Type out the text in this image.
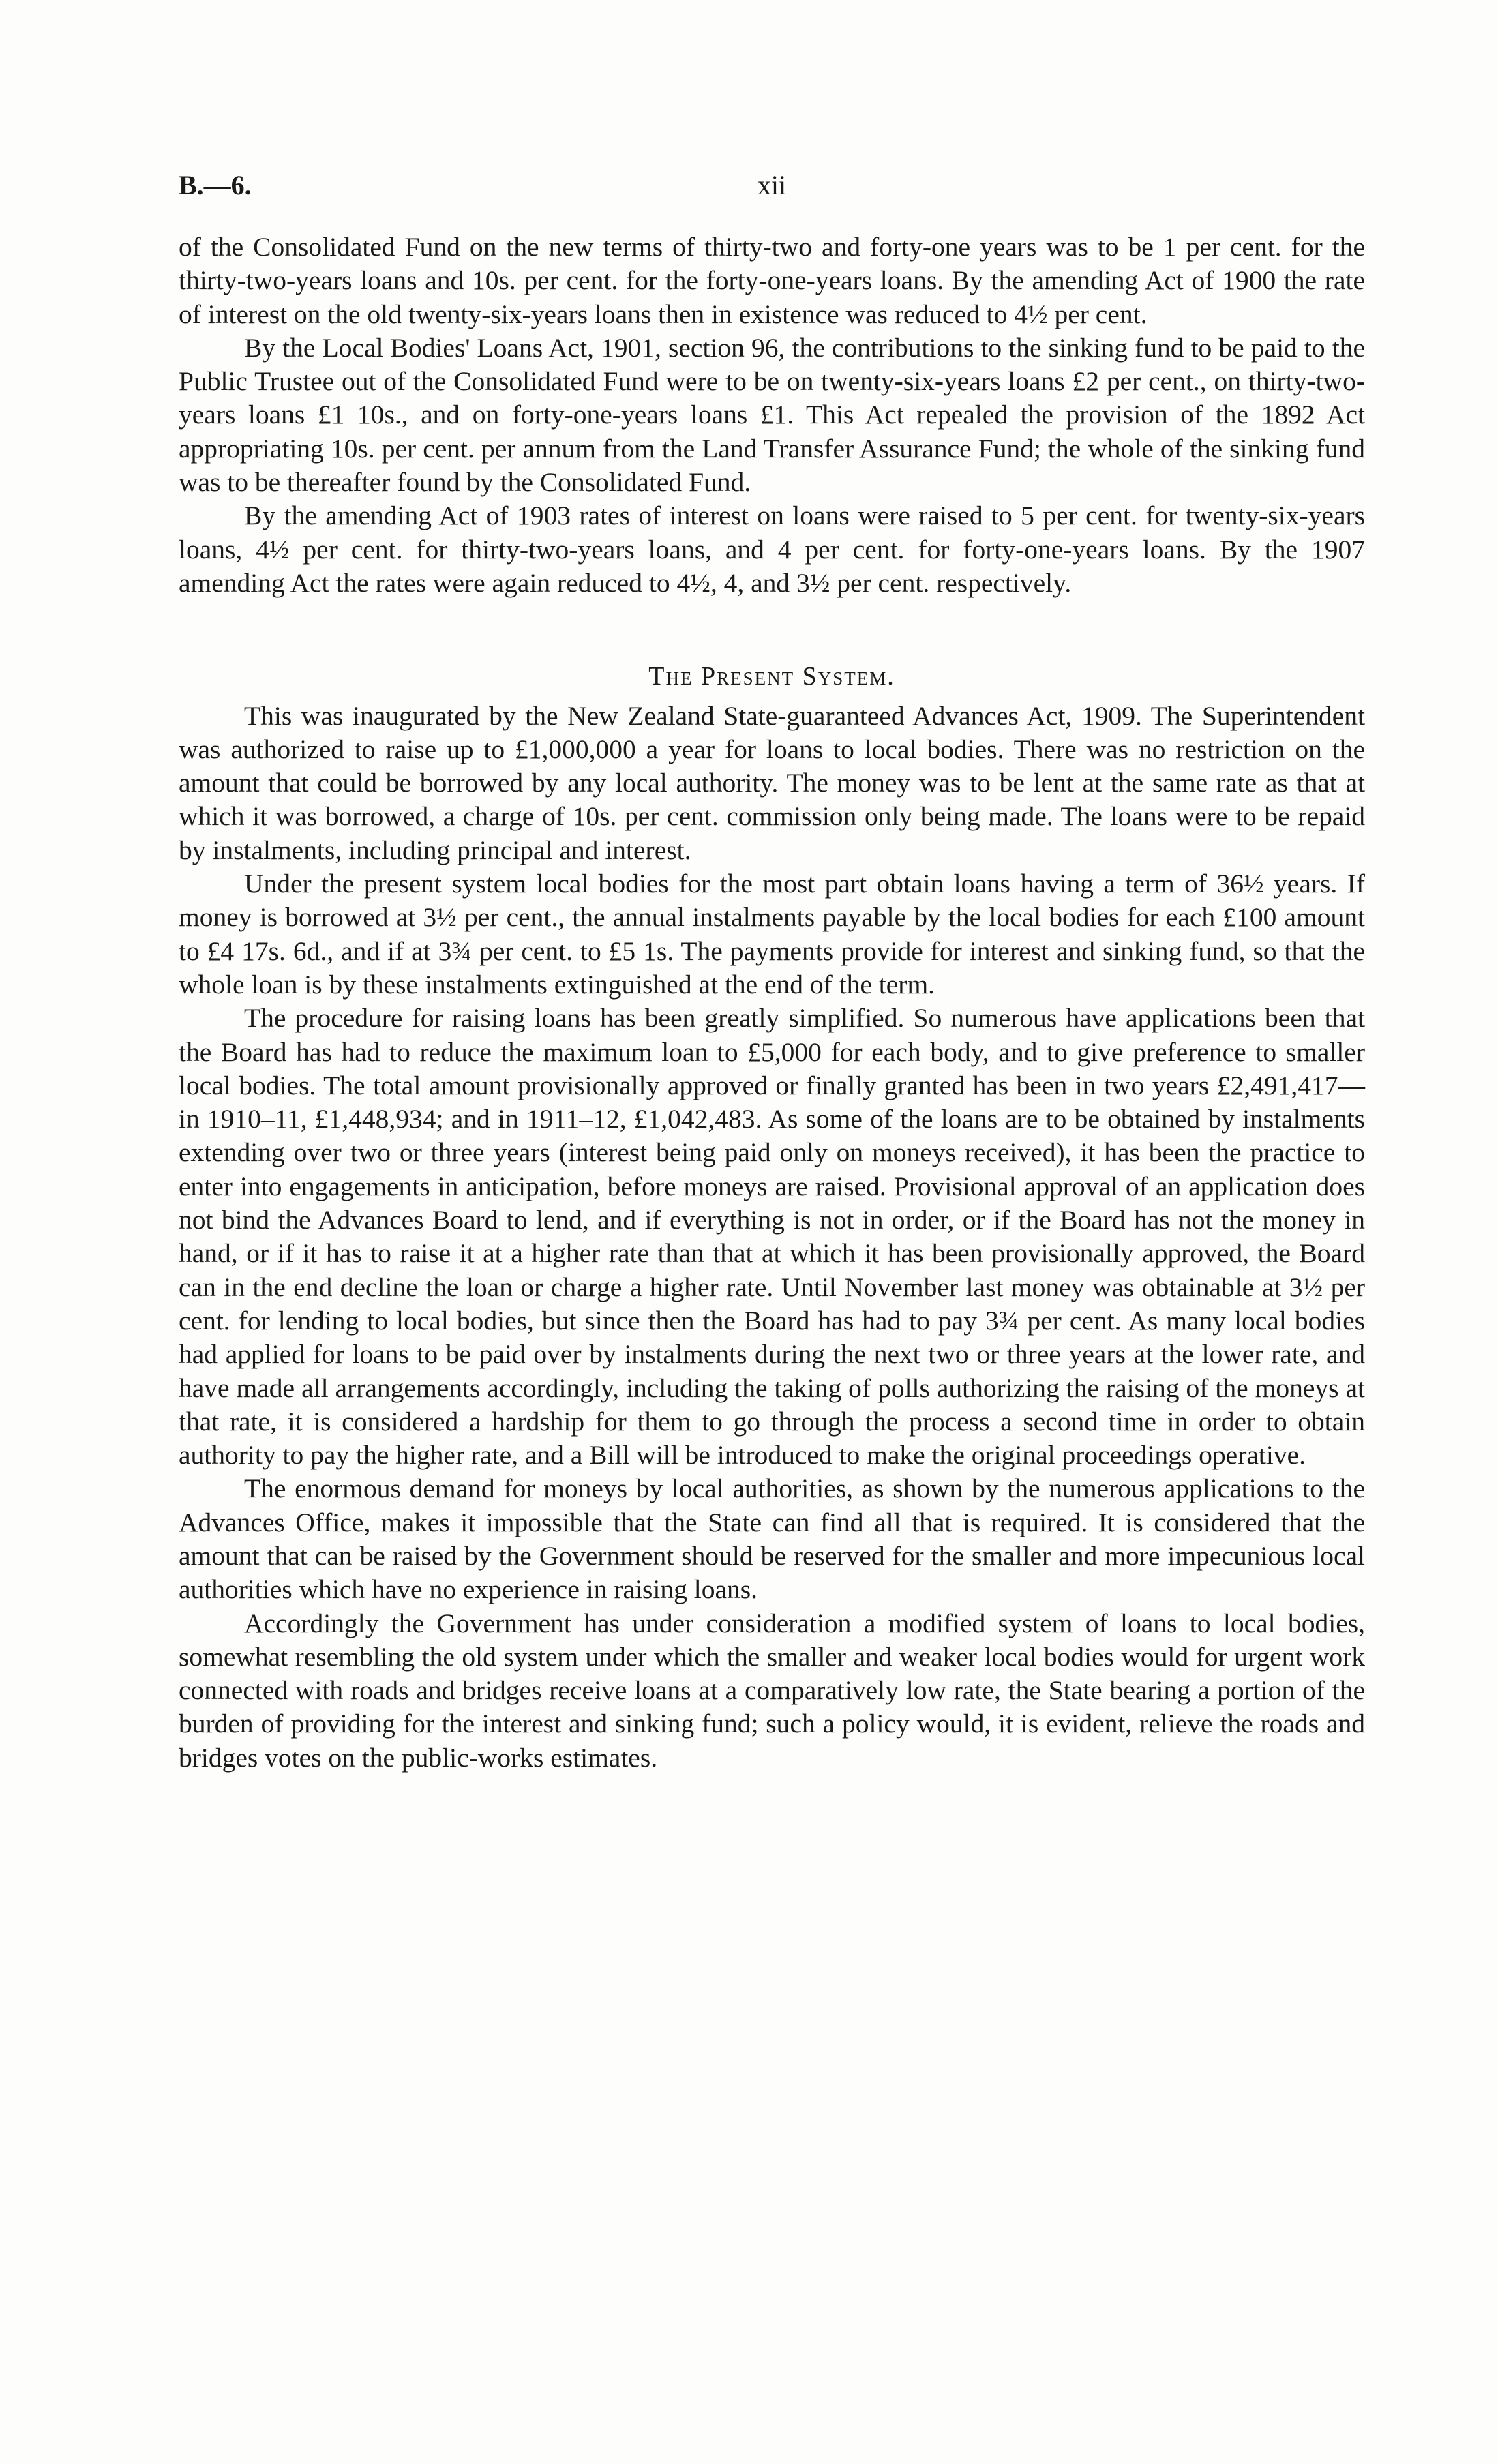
B.—6.	xii

of the Consolidated Fund on the new terms of thirty-two and forty-one years was to be 1 per cent. for the thirty-two-years loans and 10s. per cent. for the forty-one-years loans. By the amending Act of 1900 the rate of interest on the old twenty-six-years loans then in existence was reduced to 4½ per cent.

By the Local Bodies' Loans Act, 1901, section 96, the contributions to the sinking fund to be paid to the Public Trustee out of the Consolidated Fund were to be on twenty-six-years loans £2 per cent., on thirty-two-years loans £1 10s., and on forty-one-years loans £1. This Act repealed the provision of the 1892 Act appropriating 10s. per cent. per annum from the Land Transfer Assurance Fund; the whole of the sinking fund was to be thereafter found by the Consolidated Fund.

By the amending Act of 1903 rates of interest on loans were raised to 5 per cent. for twenty-six-years loans, 4½ per cent. for thirty-two-years loans, and 4 per cent. for forty-one-years loans. By the 1907 amending Act the rates were again reduced to 4½, 4, and 3½ per cent. respectively.

The Present System.

This was inaugurated by the New Zealand State-guaranteed Advances Act, 1909. The Superintendent was authorized to raise up to £1,000,000 a year for loans to local bodies. There was no restriction on the amount that could be borrowed by any local authority. The money was to be lent at the same rate as that at which it was borrowed, a charge of 10s. per cent. commission only being made. The loans were to be repaid by instalments, including principal and interest.

Under the present system local bodies for the most part obtain loans having a term of 36½ years. If money is borrowed at 3½ per cent., the annual instalments payable by the local bodies for each £100 amount to £4 17s. 6d., and if at 3¾ per cent. to £5 1s. The payments provide for interest and sinking fund, so that the whole loan is by these instalments extinguished at the end of the term.

The procedure for raising loans has been greatly simplified. So numerous have applications been that the Board has had to reduce the maximum loan to £5,000 for each body, and to give preference to smaller local bodies. The total amount provisionally approved or finally granted has been in two years £2,491,417—in 1910–11, £1,448,934; and in 1911–12, £1,042,483. As some of the loans are to be obtained by instalments extending over two or three years (interest being paid only on moneys received), it has been the practice to enter into engagements in anticipation, before moneys are raised. Provisional approval of an application does not bind the Advances Board to lend, and if everything is not in order, or if the Board has not the money in hand, or if it has to raise it at a higher rate than that at which it has been provisionally approved, the Board can in the end decline the loan or charge a higher rate. Until November last money was obtainable at 3½ per cent. for lending to local bodies, but since then the Board has had to pay 3¾ per cent. As many local bodies had applied for loans to be paid over by instalments during the next two or three years at the lower rate, and have made all arrangements accordingly, including the taking of polls authorizing the raising of the moneys at that rate, it is considered a hardship for them to go through the process a second time in order to obtain authority to pay the higher rate, and a Bill will be introduced to make the original proceedings operative.

The enormous demand for moneys by local authorities, as shown by the numerous applications to the Advances Office, makes it impossible that the State can find all that is required. It is considered that the amount that can be raised by the Government should be reserved for the smaller and more impecunious local authorities which have no experience in raising loans.

Accordingly the Government has under consideration a modified system of loans to local bodies, somewhat resembling the old system under which the smaller and weaker local bodies would for urgent work connected with roads and bridges receive loans at a comparatively low rate, the State bearing a portion of the burden of providing for the interest and sinking fund; such a policy would, it is evident, relieve the roads and bridges votes on the public-works estimates.
